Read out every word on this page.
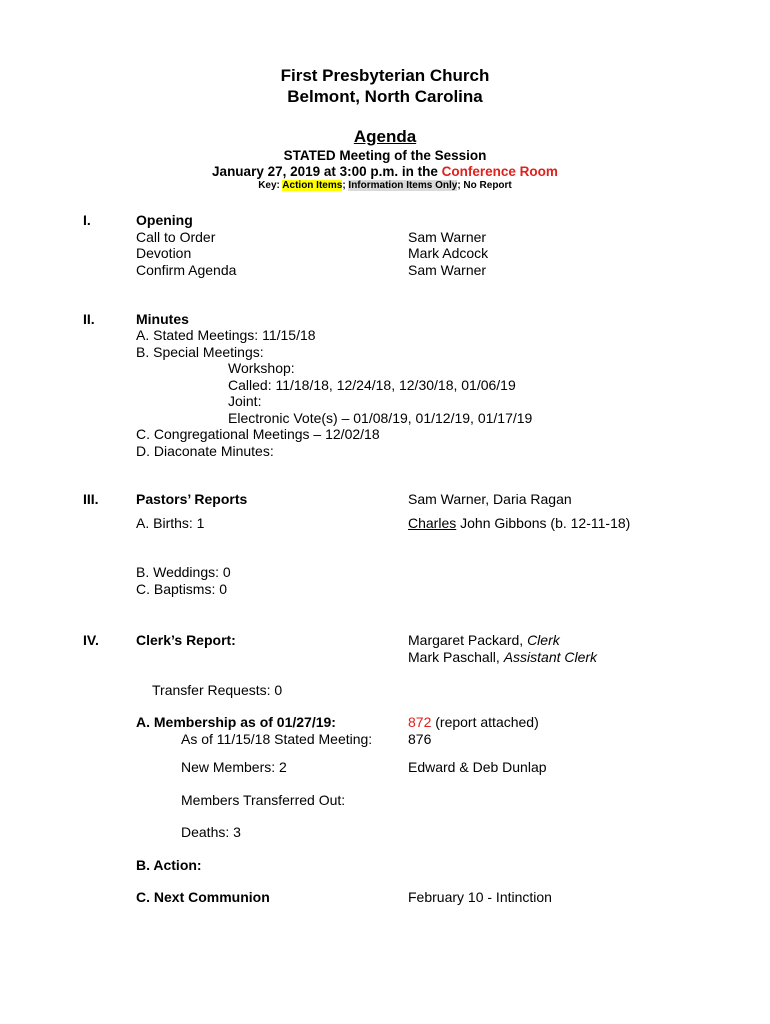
First Presbyterian Church
Belmont, North Carolina
Agenda
STATED Meeting of the Session
January 27, 2019 at 3:00 p.m. in the Conference Room
Key: Action Items; Information Items Only; No Report
I.	Opening
Call to Order	Sam Warner
Devotion	Mark Adcock
Confirm Agenda	Sam Warner
II.	Minutes
A. Stated Meetings: 11/15/18
B. Special Meetings:
Workshop:
Called: 11/18/18, 12/24/18, 12/30/18, 01/06/19
Joint:
Electronic Vote(s) – 01/08/19, 01/12/19, 01/17/19
C. Congregational Meetings – 12/02/18
D. Diaconate Minutes:
III.	Pastors’ Reports	Sam Warner, Daria Ragan
A. Births: 1	Charles John Gibbons (b. 12-11-18)
B. Weddings: 0
C. Baptisms: 0
IV.	Clerk’s Report:	Margaret Packard, Clerk
Mark Paschall, Assistant Clerk
Transfer Requests: 0
A. Membership as of 01/27/19:	872 (report attached)
As of 11/15/18 Stated Meeting:	876
New Members: 2	Edward & Deb Dunlap
Members Transferred Out:
Deaths: 3
B. Action:
C. Next Communion	February 10 - Intinction
